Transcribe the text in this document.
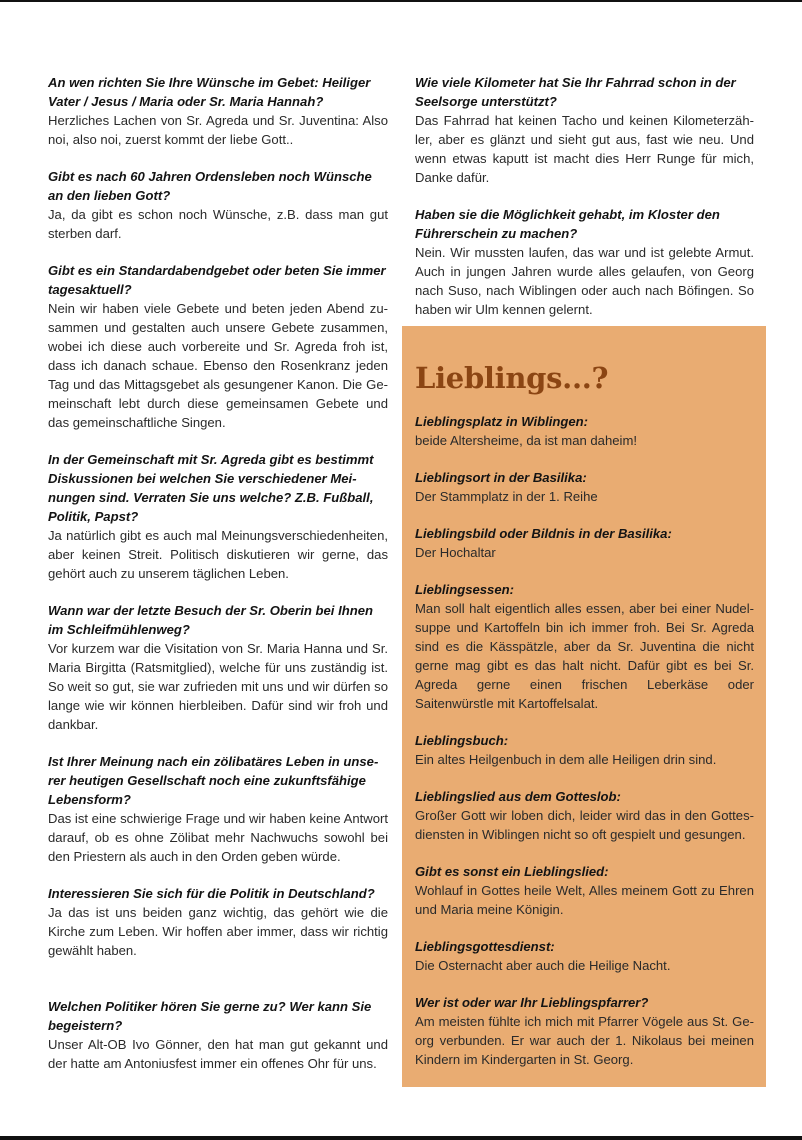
An wen richten Sie Ihre Wünsche im Gebet: Heiliger Vater / Jesus / Maria oder Sr. Maria Hannah?
Herzliches Lachen von Sr. Agreda und Sr. Juventina: Also noi, also noi, zuerst kommt der liebe Gott..
Gibt es nach 60 Jahren Ordensleben noch Wünsche an den lieben Gott?
Ja, da gibt es schon noch Wünsche, z.B. dass man gut sterben darf.
Gibt es ein Standardabendgebet oder beten Sie immer tagesaktuell?
Nein wir haben viele Gebete und beten jeden Abend zusammen und gestalten auch unsere Gebete zusammen, wobei ich diese auch vorbereite und Sr. Agreda froh ist, dass ich danach schaue. Ebenso den Rosenkranz jeden Tag und das Mittagsgebet als gesungener Kanon. Die Gemeinschaft lebt durch diese gemeinsamen Gebete und das gemeinschaftliche Singen.
In der Gemeinschaft mit Sr. Agreda gibt es bestimmt Diskussionen bei welchen Sie verschiedener Meinungen sind. Verraten Sie uns welche? Z.B. Fußball, Politik, Papst?
Ja natürlich gibt es auch mal Meinungsverschiedenheiten, aber keinen Streit. Politisch diskutieren wir gerne, das gehört auch zu unserem täglichen Leben.
Wann war der letzte Besuch der Sr. Oberin bei Ihnen im Schleifmühlenweg?
Vor kurzem war die Visitation von Sr. Maria Hanna und Sr. Maria Birgitta (Ratsmitglied), welche für uns zuständig ist. So weit so gut, sie war zufrieden mit uns und wir dürfen so lange wie wir können hierbleiben. Dafür sind wir froh und dankbar.
Ist Ihrer Meinung nach ein zölibatäres Leben in unserer heutigen Gesellschaft noch eine zukunftsfähige Lebensform?
Das ist eine schwierige Frage und wir haben keine Antwort darauf, ob es ohne Zölibat mehr Nachwuchs sowohl bei den Priestern als auch in den Orden geben würde.
Interessieren Sie sich für die Politik in Deutschland?
Ja das ist uns beiden ganz wichtig, das gehört wie die Kirche zum Leben. Wir hoffen aber immer, dass wir richtig gewählt haben.
Welchen Politiker hören Sie gerne zu? Wer kann Sie begeistern?
Unser Alt-OB Ivo Gönner, den hat man gut gekannt und der hatte am Antoniusfest immer ein offenes Ohr für uns.
Wie viele Kilometer hat Sie Ihr Fahrrad schon in der Seelsorge unterstützt?
Das Fahrrad hat keinen Tacho und keinen Kilometerzähler, aber es glänzt und sieht gut aus, fast wie neu. Und wenn etwas kaputt ist macht dies Herr Runge für mich, Danke dafür.
Haben sie die Möglichkeit gehabt, im Kloster den Führerschein zu machen?
Nein. Wir mussten laufen, das war und ist gelebte Armut. Auch in jungen Jahren wurde alles gelaufen, von Georg nach Suso, nach Wiblingen oder auch nach Böfingen. So haben wir Ulm kennen gelernt.
Lieblings...?
Lieblingsplatz in Wiblingen:
beide Altersheime, da ist man daheim!
Lieblingsort in der Basilika:
Der Stammplatz in der 1. Reihe
Lieblingsbild oder Bildnis in der Basilika:
Der Hochaltar
Lieblingsessen:
Man soll halt eigentlich alles essen, aber bei einer Nudelsuppe und Kartoffeln bin ich immer froh. Bei Sr. Agreda sind es die Kässpätzle, aber da Sr. Juventina die nicht gerne mag gibt es das halt nicht. Dafür gibt es bei Sr. Agreda gerne einen frischen Leberkäse oder Saitenwürstle mit Kartoffelsalat.
Lieblingsbuch:
Ein altes Heilgenbuch in dem alle Heiligen drin sind.
Lieblingslied aus dem Gotteslob:
Großer Gott wir loben dich, leider wird das in den Gottesdiensten in Wiblingen nicht so oft gespielt und gesungen.
Gibt es sonst ein Lieblingslied:
Wohlauf in Gottes heile Welt, Alles meinem Gott zu Ehren und Maria meine Königin.
Lieblingsgottesdienst:
Die Osternacht aber auch die Heilige Nacht.
Wer ist oder war Ihr Lieblingspfarrer?
Am meisten fühlte ich mich mit Pfarrer Vögele aus St. Georg verbunden. Er war auch der 1. Nikolaus bei meinen Kindern im Kindergarten in St. Georg.
